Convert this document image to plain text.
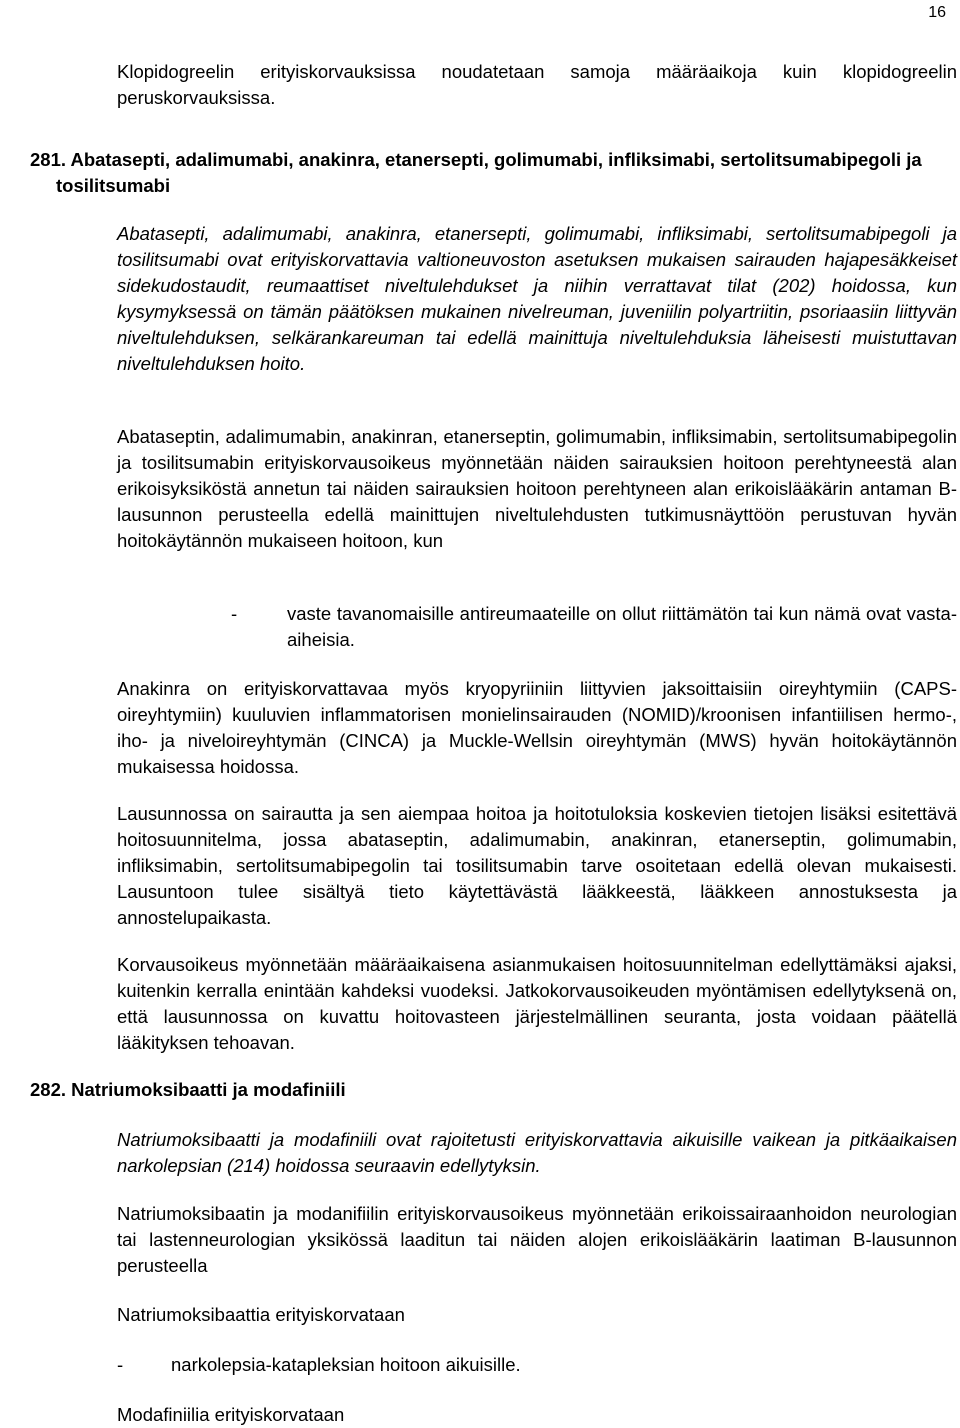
16

Klopidogreelin erityiskorvauksissa noudatetaan samoja määräaikoja kuin klopidogreelin peruskorvauksissa.

281. Abatasepti, adalimumabi, anakinra, etanersepti, golimumabi, infliksimabi, sertolitsumabipegoli ja tosilitsumabi

Abatasepti, adalimumabi, anakinra, etanersepti, golimumabi, infliksimabi, sertolitsumabipegoli ja tosilitsumabi ovat erityiskorvattavia valtioneuvoston asetuksen mukaisen sairauden hajapesäkkeiset sidekudostaudit, reumaattiset niveltulehdukset ja niihin verrattavat tilat (202) hoidossa, kun kysymyksessä on tämän päätöksen mukainen nivelreuman, juveniilin polyartriitin, psoriaasiin liittyvän niveltulehduksen, selkärankareuman tai edellä mainittuja niveltulehduksia läheisesti muistuttavan niveltulehduksen hoito.

Abataseptin, adalimumabin, anakinran, etanerseptin, golimumabin, infliksimabin, sertolitsumabipegolin ja tosilitsumabin erityiskorvausoikeus myönnetään näiden sairauksien hoitoon perehtyneestä alan erikoisyksiköstä annetun tai näiden sairauksien hoitoon perehtyneen alan erikoislääkärin antaman B-lausunnon perusteella edellä mainittujen niveltulehdusten tutkimusnäyttöön perustuvan hyvän hoitokäytännön mukaiseen hoitoon, kun

-	vaste tavanomaisille antireumaateille on ollut riittämätön tai kun nämä ovat vasta-aiheisia.

Anakinra on erityiskorvattavaa myös kryopyriiniin liittyvien jaksoittaisiin oireyhtymiin (CAPS-oireyhtymiin) kuuluvien inflammatorisen monielinsairauden (NOMID)/kroonisen infantiilisen hermo-, iho- ja niveloireyhtymän (CINCA) ja Muckle-Wellsin oireyhtymän (MWS) hyvän hoitokäytännön mukaisessa hoidossa.

Lausunnossa on sairautta ja sen aiempaa hoitoa ja hoitotuloksia koskevien tietojen lisäksi esitettävä hoitosuunnitelma, jossa abataseptin, adalimumabin, anakinran, etanerseptin, golimumabin, infliksimabin, sertolitsumabipegolin tai tosilitsumabin tarve osoitetaan edellä olevan mukaisesti. Lausuntoon tulee sisältyä tieto käytettävästä lääkkeestä, lääkkeen annostuksesta ja annostelupaikasta.

Korvausoikeus myönnetään määräaikaisena asianmukaisen hoitosuunnitelman edellyttämäksi ajaksi, kuitenkin kerralla enintään kahdeksi vuodeksi. Jatkokorvausoikeuden myöntämisen edellytyksenä on, että lausunnossa on kuvattu hoitovasteen järjestelmällinen seuranta, josta voidaan päätellä lääkityksen tehoavan.

282. Natriumoksibaatti ja modafiniili

Natriumoksibaatti ja modafiniili ovat rajoitetusti erityiskorvattavia aikuisille vaikean ja pitkäaikaisen narkolepsian (214) hoidossa seuraavin edellytyksin.

Natriumoksibaatin ja modanifiilin erityiskorvausoikeus myönnetään erikoissairaanhoidon neurologian tai lastenneurologian yksikössä laaditun tai näiden alojen erikoislääkärin laatiman B-lausunnon perusteella

Natriumoksibaattia erityiskorvataan

-	narkolepsia-katapleksian hoitoon aikuisille.

Modafiniilia erityiskorvataan
